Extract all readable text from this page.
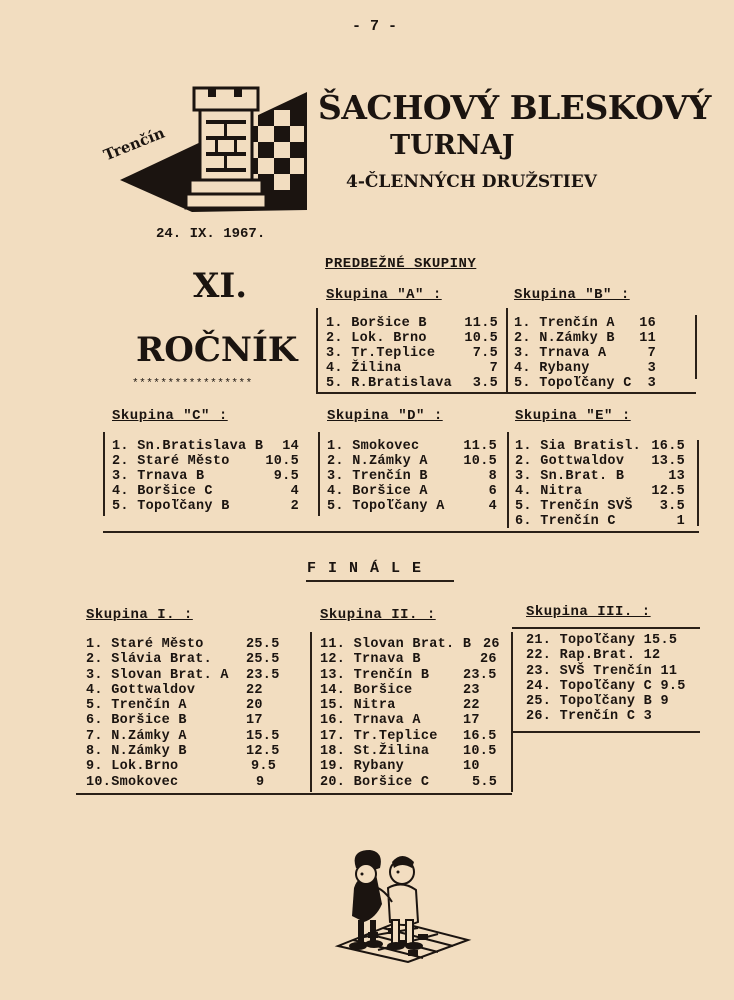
- 7 -
Trenčín
ŠACHOVÝ BLESKOVÝ
TURNAJ
4-ČLENNÝCH DRUŽSTIEV
24. IX. 1967.
XI.
ROČNÍK
*****************
PREDBEŽNÉ SKUPINY
Skupina "A" :
1. Boršice B	11.5
2. Lok. Brno	10.5
3. Tr.Teplice	7.5
4. Žilina	7
5. R.Bratislava 3.5
Skupina "B" :
1. Trenčín A 16
2. N.Zámky B 11
3. Trnava A	7
4. Rybany	3
5. Topoľčany C 3
Skupina "C" :
1. Sn.Bratislava B 14
2. Staré Město	10.5
3. Trnava B	9.5
4. Boršice C	4
5. Topoľčany B	2
Skupina "D" :
1. Smokovec	11.5
2. N.Zámky A	10.5
3. Trenčín B	8
4. Boršice A	6
5. Topoľčany A	4
Skupina "E" :
1. Sia Bratisl. 16.5
2. Gottwaldov 13.5
3. Sn.Brat. B	13
4. Nitra	12.5
5. Trenčín SVŠ 3.5
6. Trenčín C	1
FINÁLE
Skupina I. :
1. Staré Město	25.5
2. Slávia Brat.	25.5
3. Slovan Brat. A 23.5
4. Gottwaldov	22
5. Trenčín A	20
6. Boršice B	17
7. N.Zámky A	15.5
8. N.Zámky B	12.5
9. Lok.Brno	9.5
10.Smokovec	9
Skupina II. :
11. Slovan Brat. B 26
12. Trnava B	26
13. Trenčín B	23.5
14. Boršice	23
15. Nitra	22
16. Trnava A	17
17. Tr.Teplice 16.5
18. St.Žilina	10.5
19. Rybany	10
20. Boršice C	5.5
Skupina III. :
21. Topoľčany 15.5
22. Rap.Brat. 12
23. SVŠ Trenčín 11
24. Topoľčany C 9.5
25. Topoľčany B 9
26. Trenčín C 3
